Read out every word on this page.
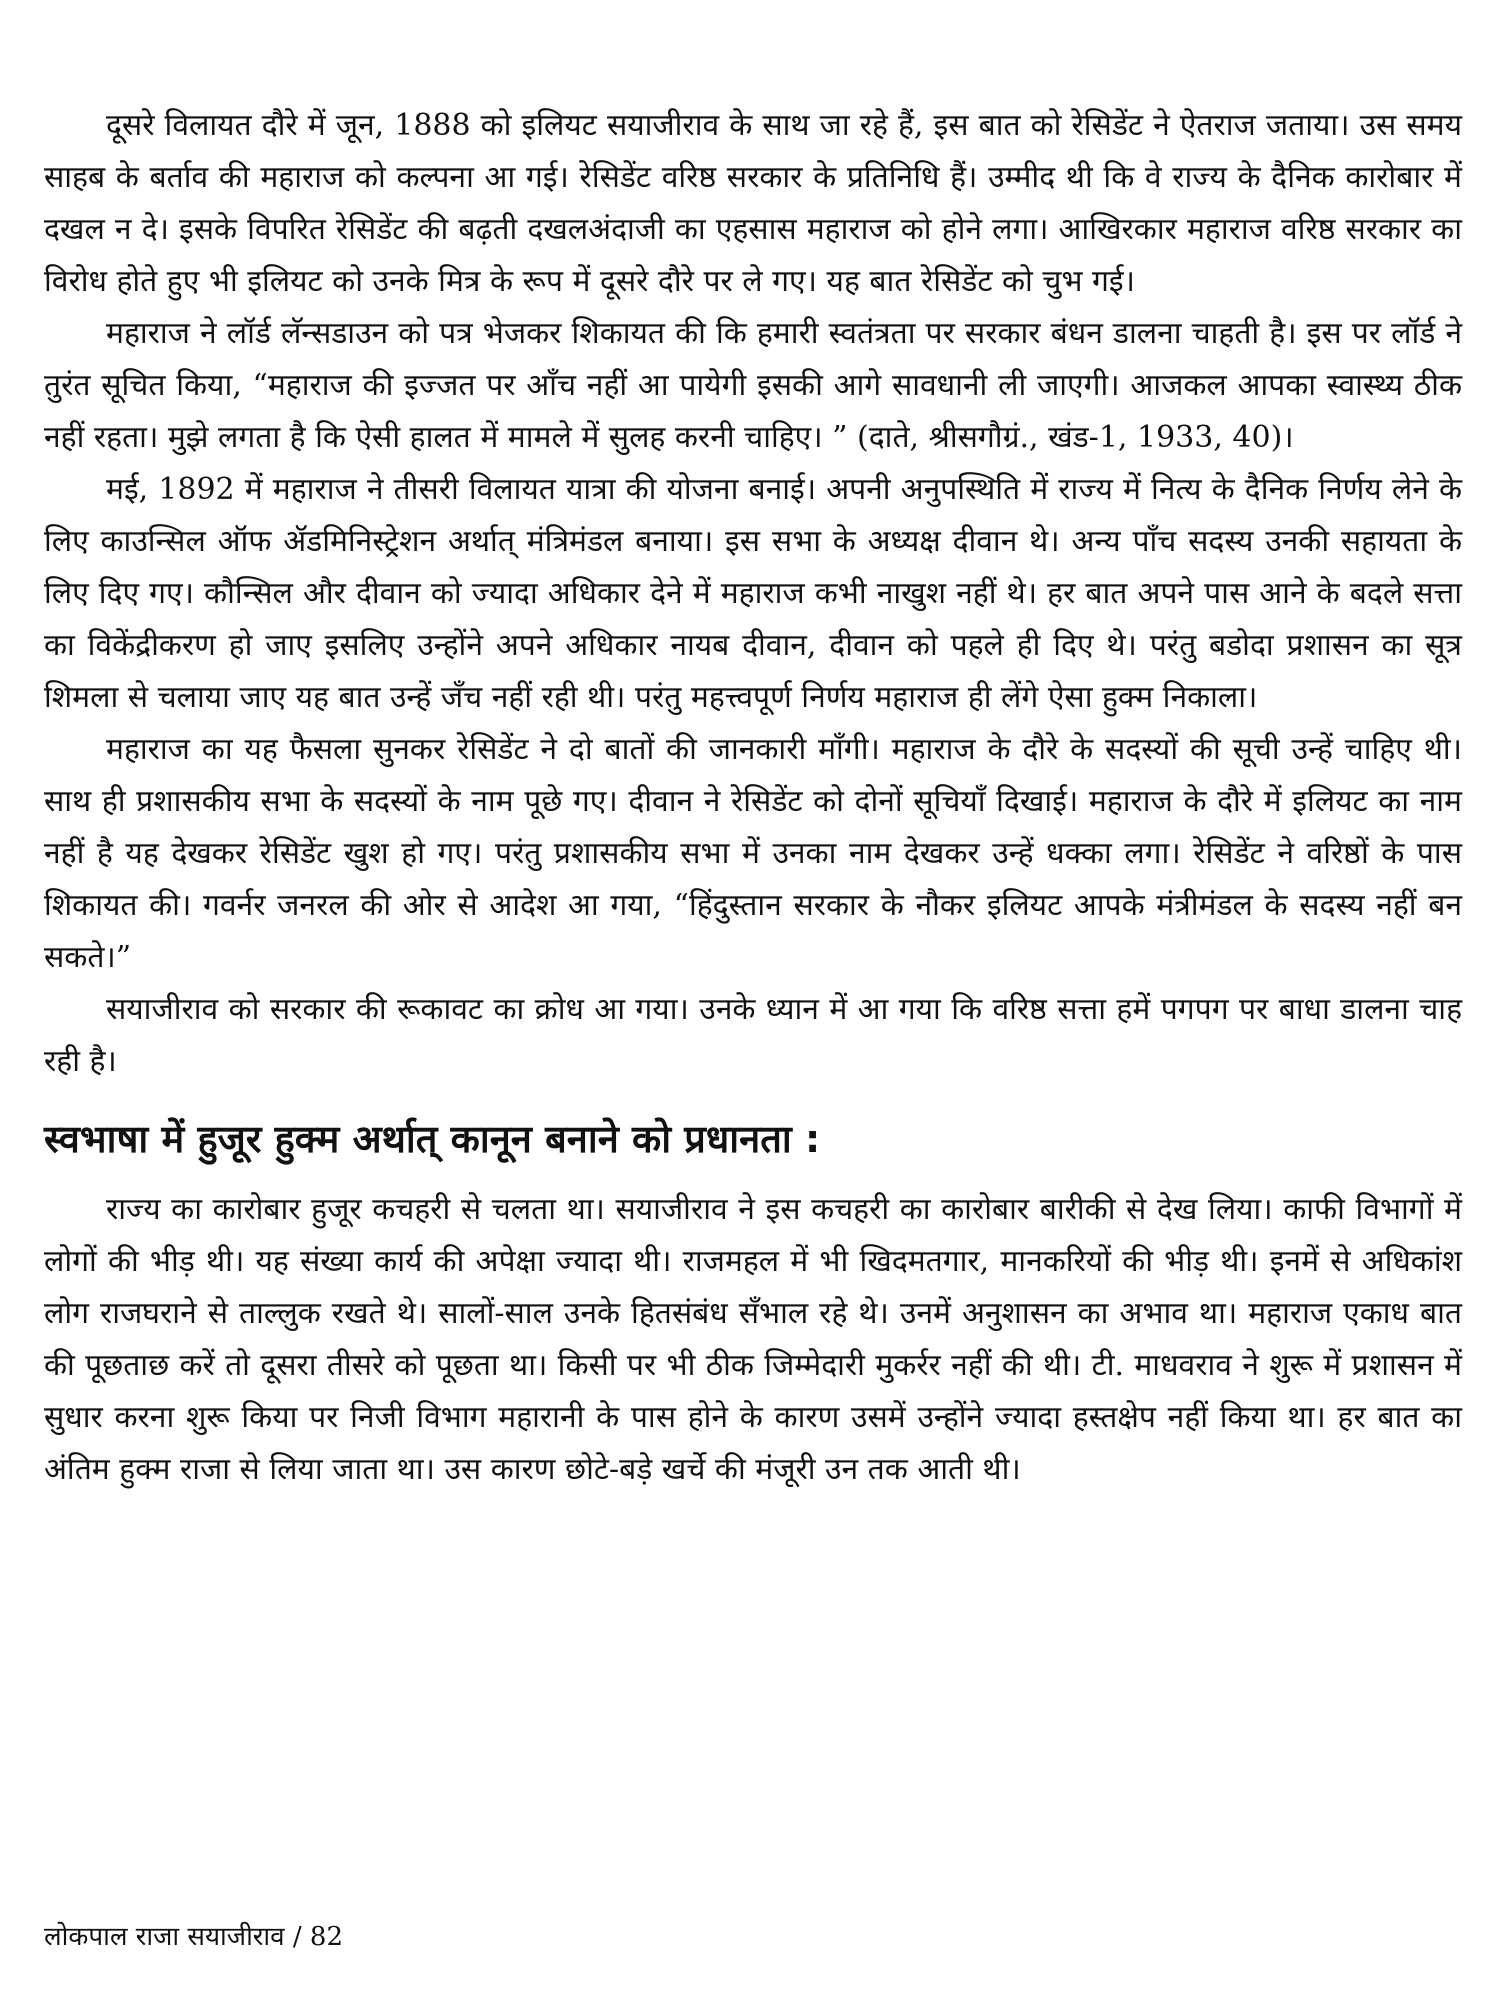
दूसरे विलायत दौरे में जून, 1888 को इलियट सयाजीराव के साथ जा रहे हैं, इस बात को रेसिडेंट ने ऐतराज जताया। उस समय साहब के बर्ताव की महाराज को कल्पना आ गई। रेसिडेंट वरिष्ठ सरकार के प्रतिनिधि हैं। उम्मीद थी कि वे राज्य के दैनिक कारोबार में दखल न दे। इसके विपरित रेसिडेंट की बढ़ती दखलअंदाजी का एहसास महाराज को होने लगा। आखिरकार महाराज वरिष्ठ सरकार का विरोध होते हुए भी इलियट को उनके मित्र के रूप में दूसरे दौरे पर ले गए। यह बात रेसिडेंट को चुभ गई।

महाराज ने लॉर्ड लॅन्सडाउन को पत्र भेजकर शिकायत की कि हमारी स्वतंत्रता पर सरकार बंधन डालना चाहती है। इस पर लॉर्ड ने तुरंत सूचित किया, “महाराज की इज्जत पर आँच नहीं आ पायेगी इसकी आगे सावधानी ली जाएगी। आजकल आपका स्वास्थ्य ठीक नहीं रहता। मुझे लगता है कि ऐसी हालत में मामले में सुलह करनी चाहिए। ” (दाते, श्रीसगौग्रं., खंड-1, 1933, 40)।

मई, 1892 में महाराज ने तीसरी विलायत यात्रा की योजना बनाई। अपनी अनुपस्थिति में राज्य में नित्य के दैनिक निर्णय लेने के लिए काउन्सिल ऑफ ॲडमिनिस्ट्रेशन अर्थात् मंत्रिमंडल बनाया। इस सभा के अध्यक्ष दीवान थे। अन्य पाँच सदस्य उनकी सहायता के लिए दिए गए। कौन्सिल और दीवान को ज्यादा अधिकार देने में महाराज कभी नाखुश नहीं थे। हर बात अपने पास आने के बदले सत्ता का विकेंद्रीकरण हो जाए इसलिए उन्होंने अपने अधिकार नायब दीवान, दीवान को पहले ही दिए थे। परंतु बडोदा प्रशासन का सूत्र शिमला से चलाया जाए यह बात उन्हें जँच नहीं रही थी। परंतु महत्त्वपूर्ण निर्णय महाराज ही लेंगे ऐसा हुक्म निकाला।

महाराज का यह फैसला सुनकर रेसिडेंट ने दो बातों की जानकारी माँगी। महाराज के दौरे के सदस्यों की सूची उन्हें चाहिए थी। साथ ही प्रशासकीय सभा के सदस्यों के नाम पूछे गए। दीवान ने रेसिडेंट को दोनों सूचियाँ दिखाई। महाराज के दौरे में इलियट का नाम नहीं है यह देखकर रेसिडेंट खुश हो गए। परंतु प्रशासकीय सभा में उनका नाम देखकर उन्हें धक्का लगा। रेसिडेंट ने वरिष्ठों के पास शिकायत की। गवर्नर जनरल की ओर से आदेश आ गया, “हिंदुस्तान सरकार के नौकर इलियट आपके मंत्रीमंडल के सदस्य नहीं बन सकते।”

सयाजीराव को सरकार की रूकावट का क्रोध आ गया। उनके ध्यान में आ गया कि वरिष्ठ सत्ता हमें पगपग पर बाधा डालना चाह रही है।

स्वभाषा में हुजूर हुक्म अर्थात् कानून बनाने को प्रधानता :

राज्य का कारोबार हुजूर कचहरी से चलता था। सयाजीराव ने इस कचहरी का कारोबार बारीकी से देख लिया। काफी विभागों में लोगों की भीड़ थी। यह संख्या कार्य की अपेक्षा ज्यादा थी। राजमहल में भी खिदमतगार, मानकरियों की भीड़ थी। इनमें से अधिकांश लोग राजघराने से ताल्लुक रखते थे। सालों-साल उनके हितसंबंध सँभाल रहे थे। उनमें अनुशासन का अभाव था। महाराज एकाध बात की पूछताछ करें तो दूसरा तीसरे को पूछता था। किसी पर भी ठीक जिम्मेदारी मुकर्रर नहीं की थी। टी. माधवराव ने शुरू में प्रशासन में सुधार करना शुरू किया पर निजी विभाग महारानी के पास होने के कारण उसमें उन्होंने ज्यादा हस्तक्षेप नहीं किया था। हर बात का अंतिम हुक्म राजा से लिया जाता था। उस कारण छोटे-बड़े खर्चे की मंजूरी उन तक आती थी।

लोकपाल राजा सयाजीराव / 82
